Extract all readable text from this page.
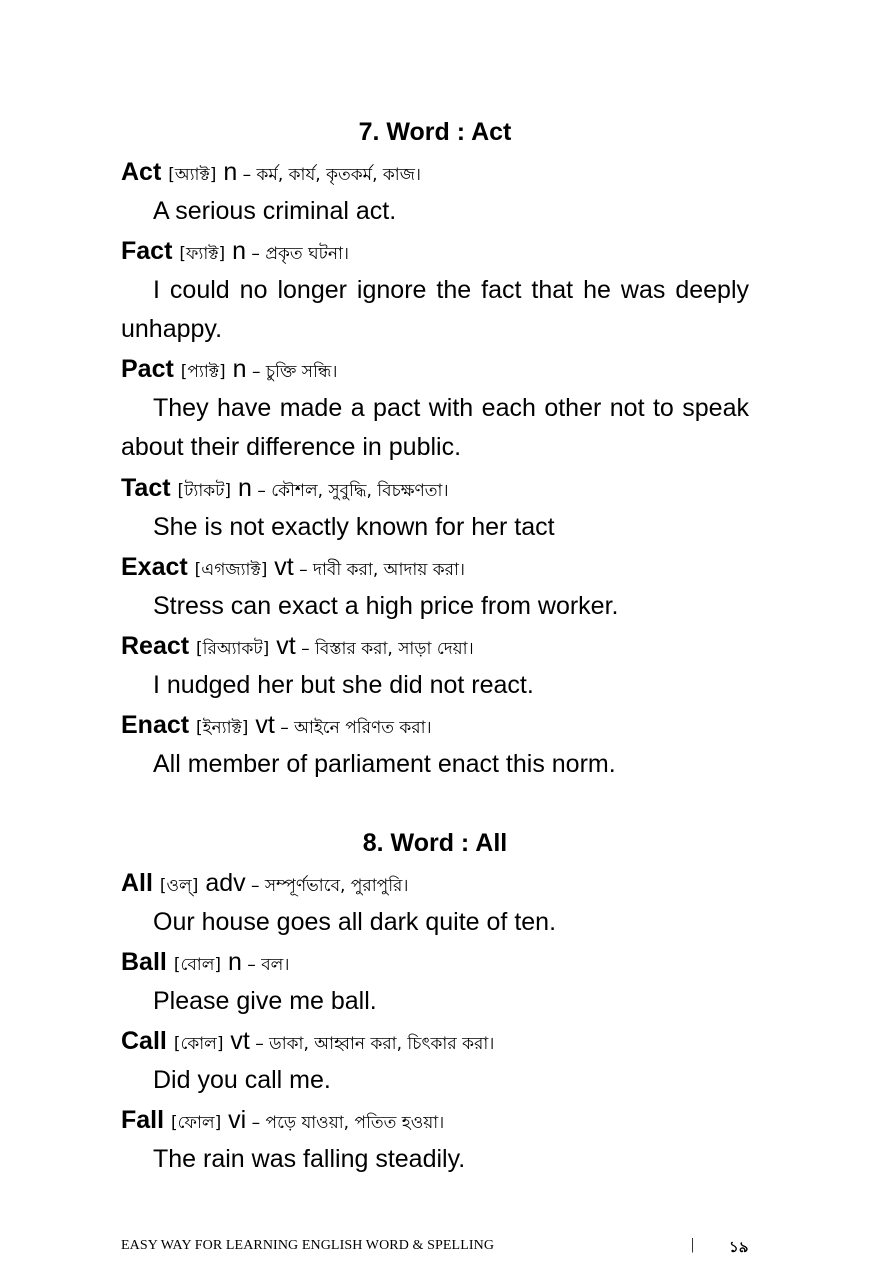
7. Word : Act
Act [অ্যাক্ট] n – কর্ম, কার্য, কৃতকর্ম, কাজ।
A serious criminal act.
Fact [ফ্যাক্ট] n – প্রকৃত ঘটনা।
I could no longer ignore the fact that he was deeply unhappy.
Pact [প্যাক্ট] n – চুক্তি সন্ধি।
They have made a pact with each other not to speak about their difference in public.
Tact [ট্যাকট] n – কৌশল, সুবুদ্ধি, বিচক্ষণতা।
She is not exactly known for her tact
Exact [এগজ্যাক্ট] vt – দাবী করা, আদায় করা।
Stress can exact a high price from worker.
React [রিঅ্যাকট] vt – বিস্তার করা, সাড়া দেয়া।
I nudged her but she did not react.
Enact [ইন্যাক্ট] vt – আইনে পরিণত করা।
All member of parliament enact this norm.
8. Word : All
All [ওল্] adv – সম্পূর্ণভাবে, পুরাপুরি।
Our house goes all dark quite of ten.
Ball [বোল] n – বল।
Please give me ball.
Call [কোল] vt – ডাকা, আহ্বান করা, চিৎকার করা।
Did you call me.
Fall [ফোল] vi – পড়ে যাওয়া, পতিত হওয়া।
The rain was falling steadily.
EASY WAY FOR LEARNING ENGLISH WORD & SPELLING	| ১৯
